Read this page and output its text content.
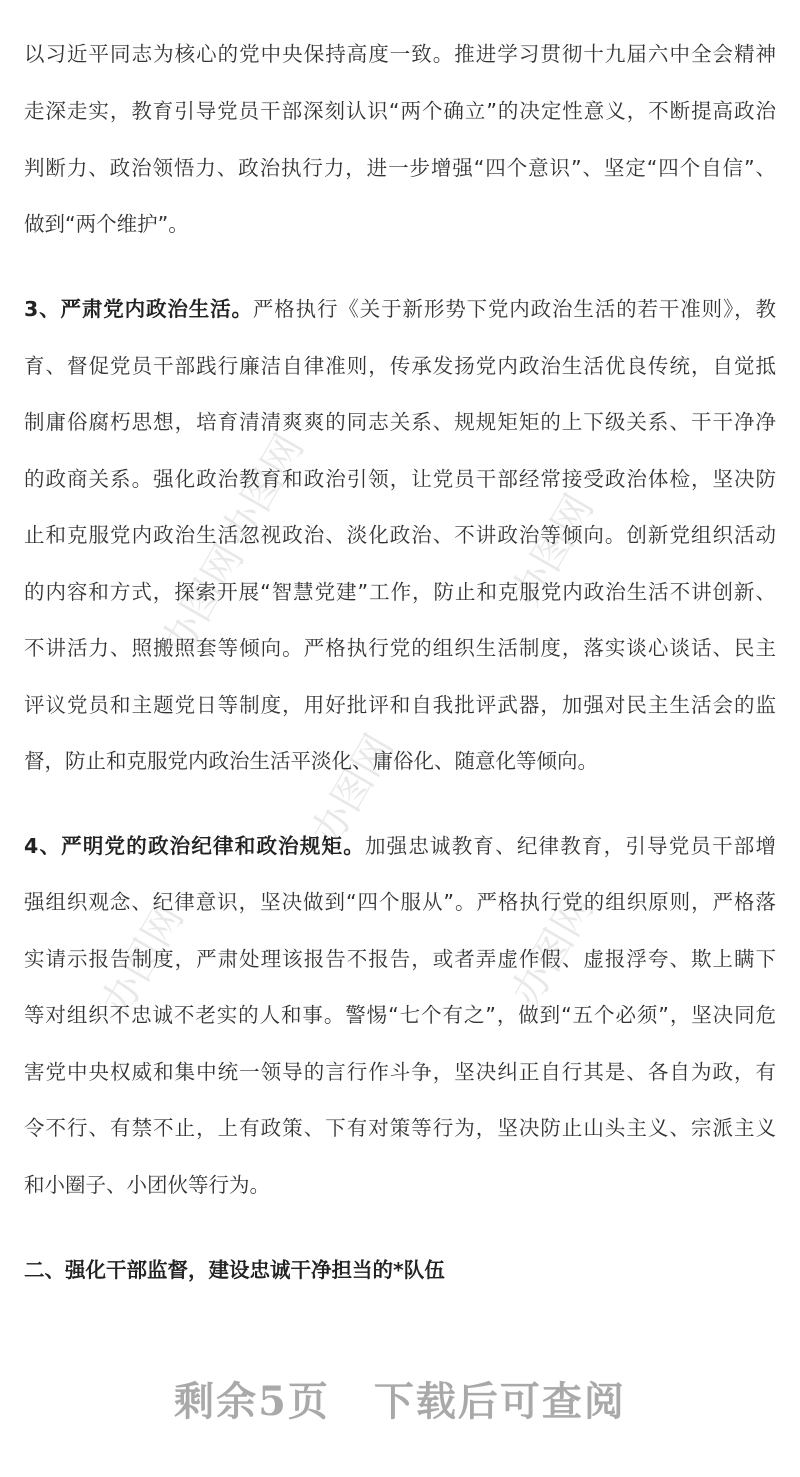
办图网
办图网	办图网
办图网
办图网	办图网
以习近平同志为核心的党中央保持高度一致。推进学习贯彻十九届六中全会精神
走深走实，教育引导党员干部深刻认识“两个确立”的决定性意义，不断提高政治
判断力、政治领悟力、政治执行力，进一步增强“四个意识”、坚定“四个自信”、
做到“两个维护”。
3、严肃党内政治生活。严格执行《关于新形势下党内政治生活的若干准则》，教
育、督促党员干部践行廉洁自律准则，传承发扬党内政治生活优良传统，自觉抵
制庸俗腐朽思想，培育清清爽爽的同志关系、规规矩矩的上下级关系、干干净净
的政商关系。强化政治教育和政治引领，让党员干部经常接受政治体检，坚决防
止和克服党内政治生活忽视政治、淡化政治、不讲政治等倾向。创新党组织活动
的内容和方式，探索开展“智慧党建”工作，防止和克服党内政治生活不讲创新、
不讲活力、照搬照套等倾向。严格执行党的组织生活制度，落实谈心谈话、民主
评议党员和主题党日等制度，用好批评和自我批评武器，加强对民主生活会的监
督，防止和克服党内政治生活平淡化、庸俗化、随意化等倾向。
4、严明党的政治纪律和政治规矩。加强忠诚教育、纪律教育，引导党员干部增
强组织观念、纪律意识，坚决做到“四个服从”。严格执行党的组织原则，严格落
实请示报告制度，严肃处理该报告不报告，或者弄虚作假、虚报浮夸、欺上瞒下
等对组织不忠诚不老实的人和事。警惕“七个有之”，做到“五个必须”，坚决同危
害党中央权威和集中统一领导的言行作斗争，坚决纠正自行其是、各自为政，有
令不行、有禁不止，上有政策、下有对策等行为，坚决防止山头主义、宗派主义
和小圈子、小团伙等行为。
二、强化干部监督，建设忠诚干净担当的*队伍
剩余5页 下载后可查阅
